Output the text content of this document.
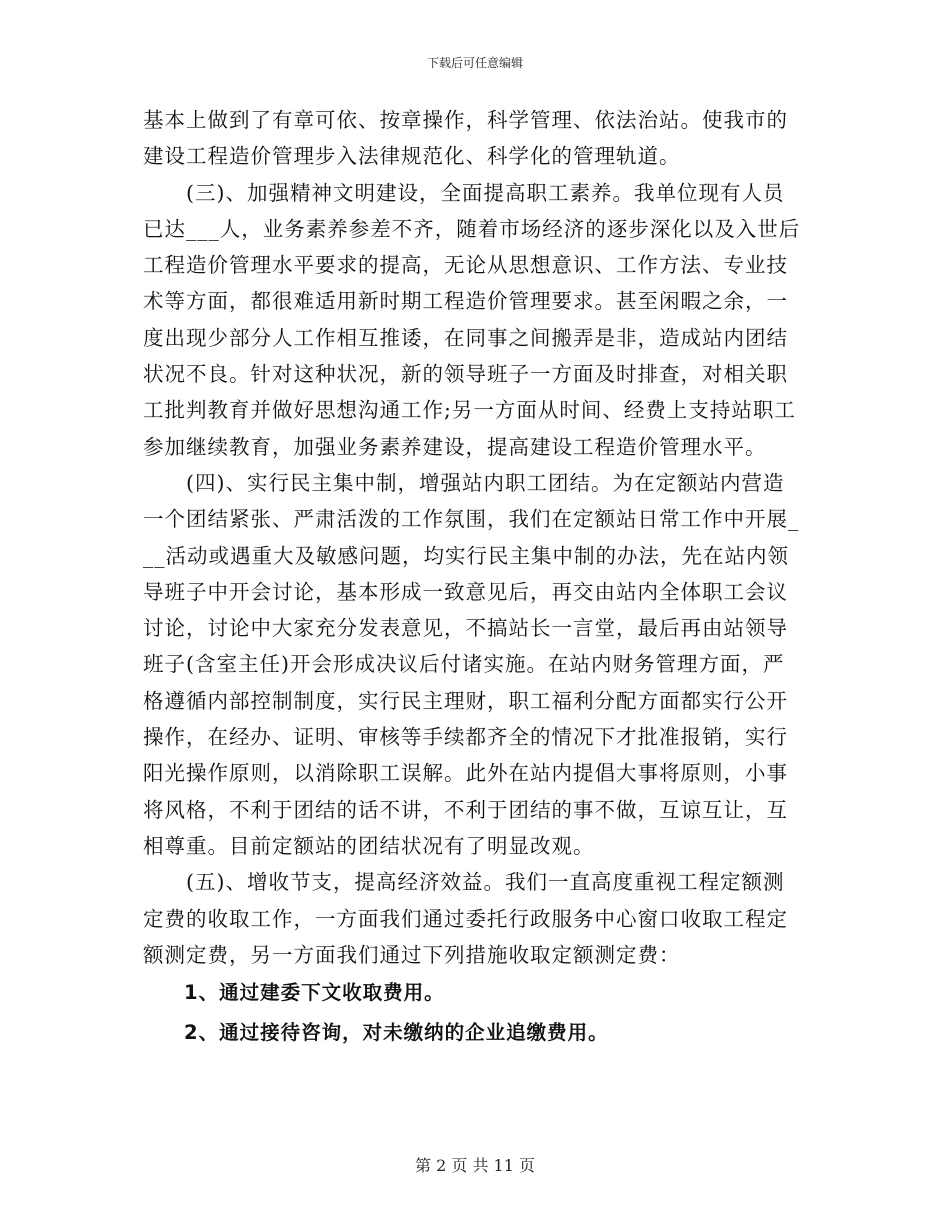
下载后可任意编辑
基本上做到了有章可依、按章操作，科学管理、依法治站。使我市的
建设工程造价管理步入法律规范化、科学化的管理轨道。
　　(三)、加强精神文明建设，全面提高职工素养。我单位现有人员
已达___人，业务素养参差不齐，随着市场经济的逐步深化以及入世后
工程造价管理水平要求的提高，无论从思想意识、工作方法、专业技
术等方面，都很难适用新时期工程造价管理要求。甚至闲暇之余，一
度出现少部分人工作相互推诿，在同事之间搬弄是非，造成站内团结
状况不良。针对这种状况，新的领导班子一方面及时排查，对相关职
工批判教育并做好思想沟通工作;另一方面从时间、经费上支持站职工
参加继续教育，加强业务素养建设，提高建设工程造价管理水平。
　　(四)、实行民主集中制，增强站内职工团结。为在定额站内营造
一个团结紧张、严肃活泼的工作氛围，我们在定额站日常工作中开展_
__活动或遇重大及敏感问题，均实行民主集中制的办法，先在站内领
导班子中开会讨论，基本形成一致意见后，再交由站内全体职工会议
讨论，讨论中大家充分发表意见，不搞站长一言堂，最后再由站领导
班子(含室主任)开会形成决议后付诸实施。在站内财务管理方面，严
格遵循内部控制制度，实行民主理财，职工福利分配方面都实行公开
操作，在经办、证明、审核等手续都齐全的情况下才批准报销，实行
阳光操作原则，以消除职工误解。此外在站内提倡大事将原则，小事
将风格，不利于团结的话不讲，不利于团结的事不做，互谅互让，互
相尊重。目前定额站的团结状况有了明显改观。
　　(五)、增收节支，提高经济效益。我们一直高度重视工程定额测
定费的收取工作，一方面我们通过委托行政服务中心窗口收取工程定
额测定费，另一方面我们通过下列措施收取定额测定费：
　　1、通过建委下文收取费用。
　　2、通过接待咨询，对未缴纳的企业追缴费用。
第 2 页 共 11 页
